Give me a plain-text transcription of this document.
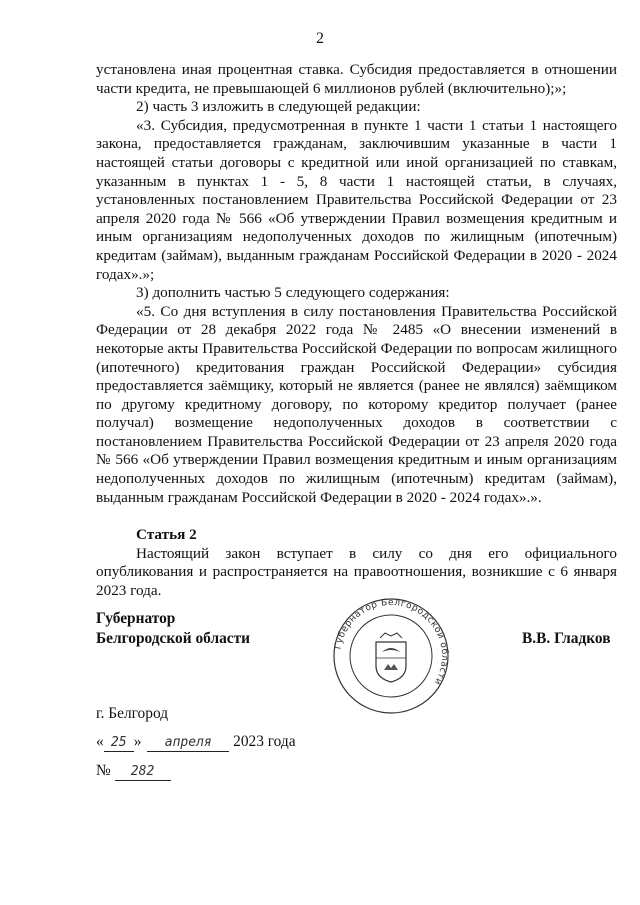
2

установлена иная процентная ставка. Субсидия предоставляется в отношении части кредита, не превышающей 6 миллионов рублей (включительно);»;

2) часть 3 изложить в следующей редакции:

«3. Субсидия, предусмотренная в пункте 1 части 1 статьи 1 настоящего закона, предоставляется гражданам, заключившим указанные в части 1 настоящей статьи договоры с кредитной или иной организацией по ставкам, указанным в пунктах 1 - 5, 8 части 1 настоящей статьи, в случаях, установленных постановлением Правительства Российской Федерации от 23 апреля 2020 года № 566 «Об утверждении Правил возмещения кредитным и иным организациям недополученных доходов по жилищным (ипотечным) кредитам (займам), выданным гражданам Российской Федерации в 2020 - 2024 годах».»;

3) дополнить частью 5 следующего содержания:

«5. Со дня вступления в силу постановления Правительства Российской Федерации от 28 декабря 2022 года № 2485 «О внесении изменений в некоторые акты Правительства Российской Федерации по вопросам жилищного (ипотечного) кредитования граждан Российской Федерации» субсидия предоставляется заёмщику, который не является (ранее не являлся) заёмщиком по другому кредитному договору, по которому кредитор получает (ранее получал) возмещение недополученных доходов в соответствии с постановлением Правительства Российской Федерации от 23 апреля 2020 года № 566 «Об утверждении Правил возмещения кредитным и иным организациям недополученных доходов по жилищным (ипотечным) кредитам (займам), выданным гражданам Российской Федерации в 2020 - 2024 годах».».

Статья 2

Настоящий закон вступает в силу со дня его официального опубликования и распространяется на правоотношения, возникшие с 6 января 2023 года.

Губернатор
Белгородской области	Губернатор Белгородской области
В.В. Гладков
г. Белгород
« 25 » апреля 2023 года
№ 282
